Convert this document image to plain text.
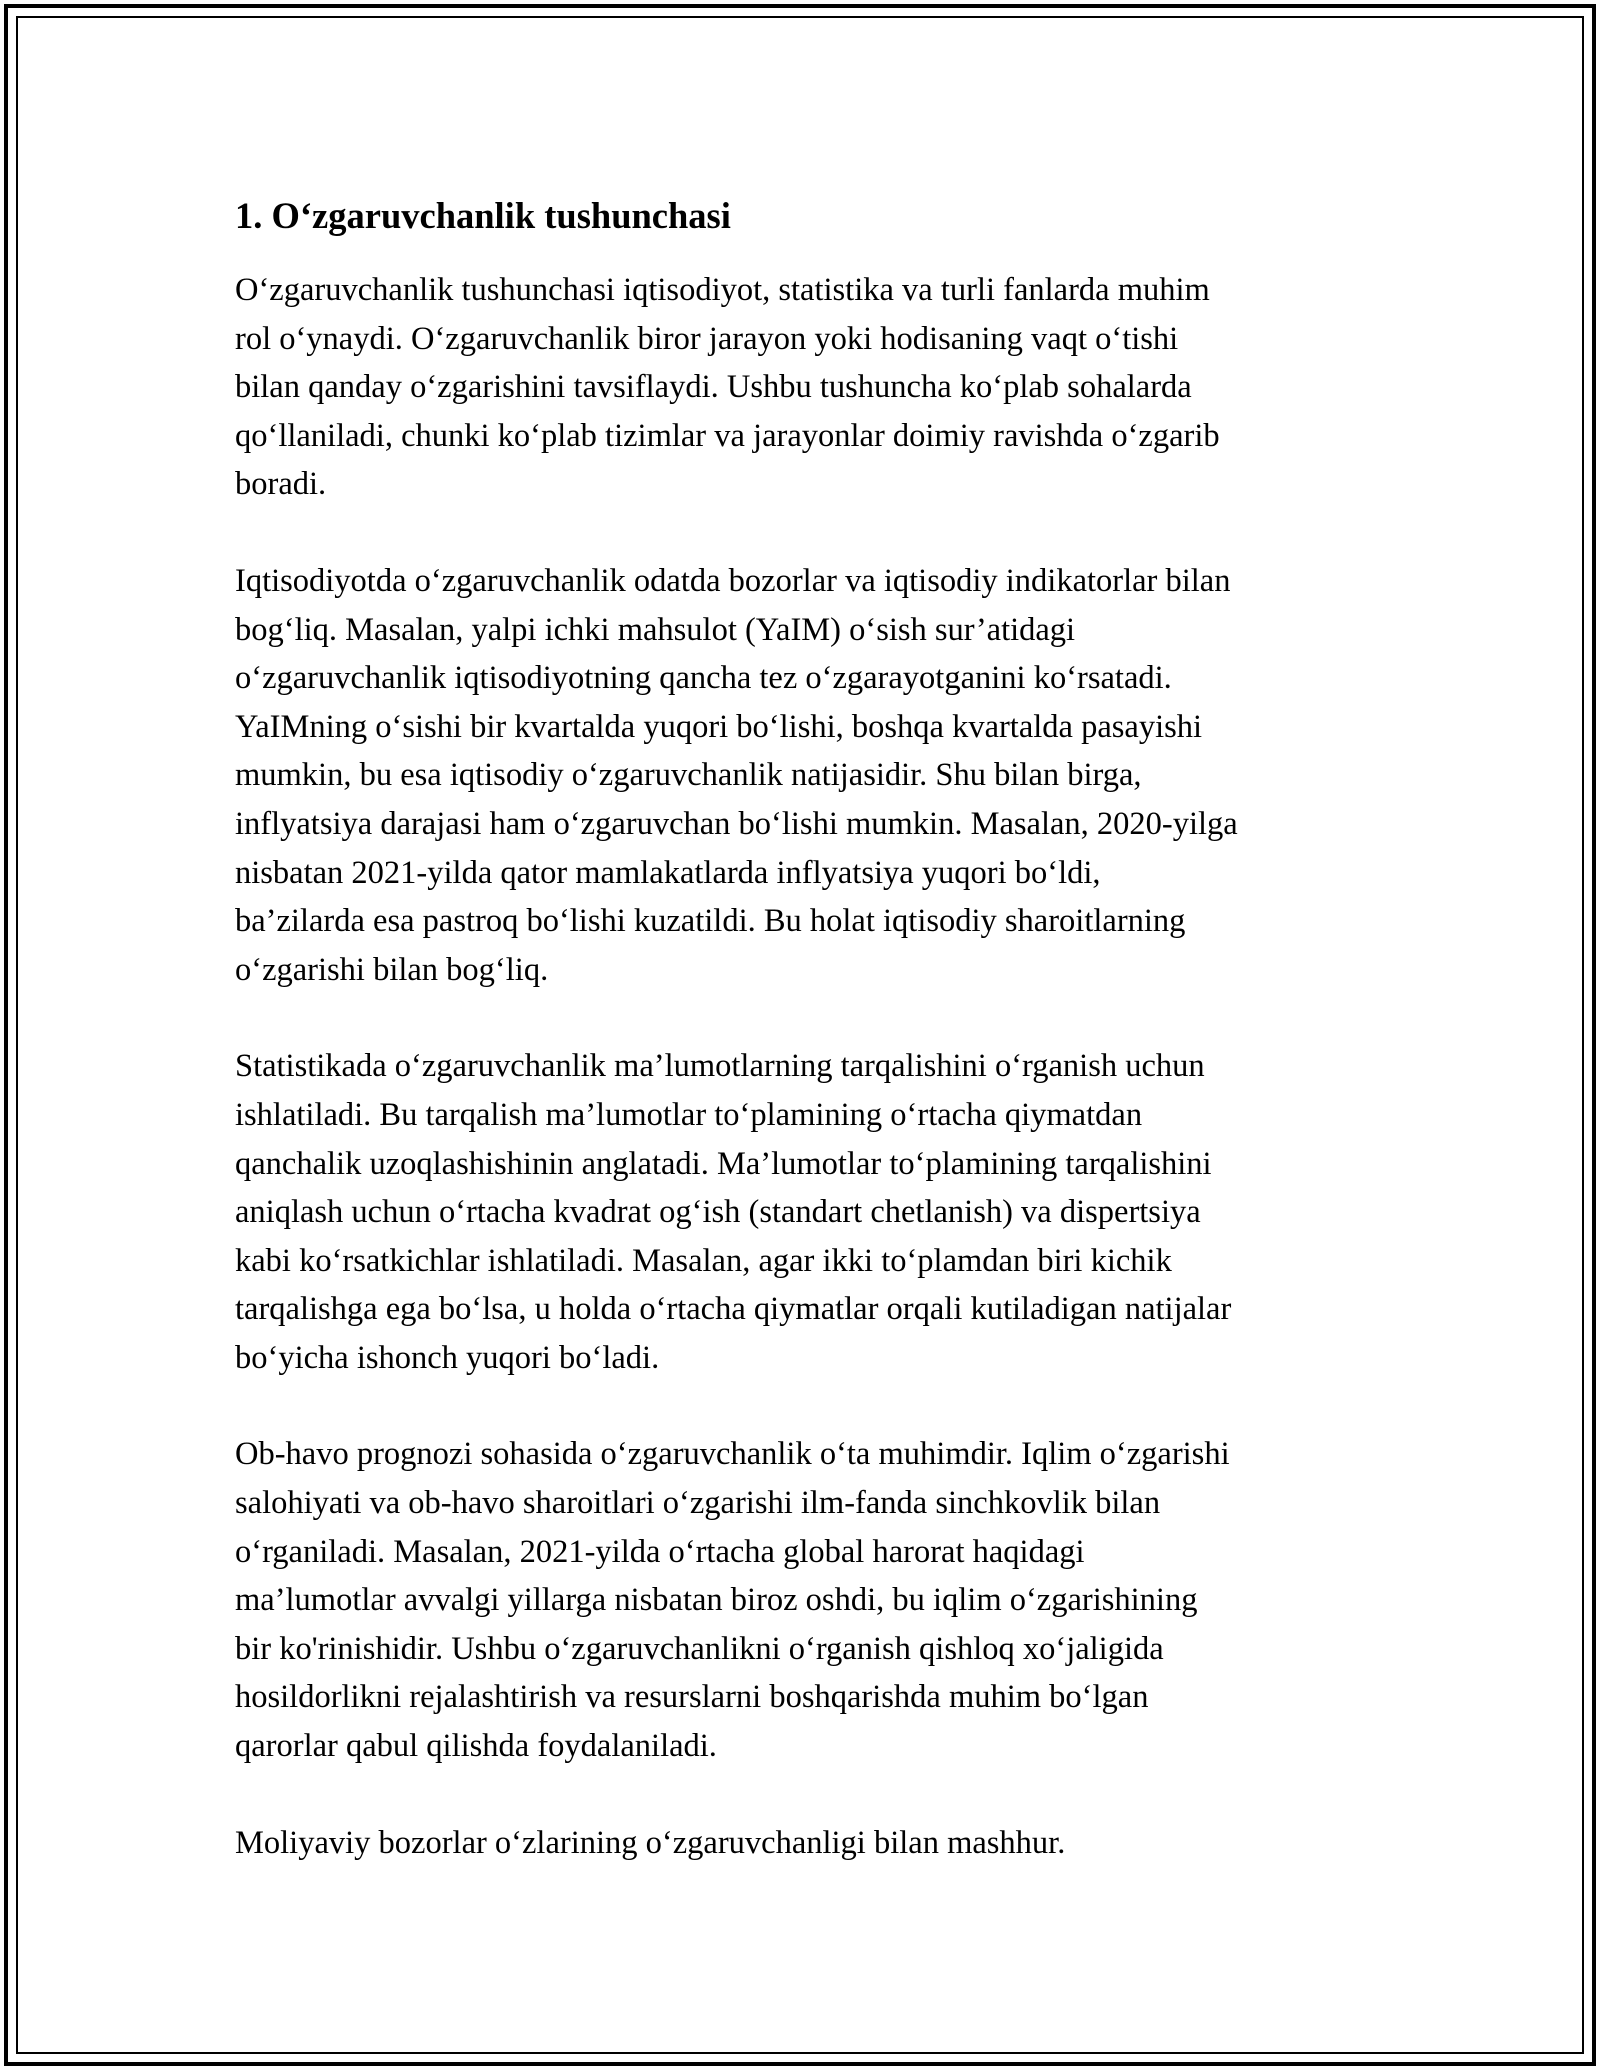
1. O‘zgaruvchanlik tushunchasi

O‘zgaruvchanlik tushunchasi iqtisodiyot, statistika va turli fanlarda muhim
rol o‘ynaydi. O‘zgaruvchanlik biror jarayon yoki hodisaning vaqt o‘tishi
bilan qanday o‘zgarishini tavsiflaydi. Ushbu tushuncha ko‘plab sohalarda
qo‘llaniladi, chunki ko‘plab tizimlar va jarayonlar doimiy ravishda o‘zgarib
boradi.

Iqtisodiyotda o‘zgaruvchanlik odatda bozorlar va iqtisodiy indikatorlar bilan
bog‘liq. Masalan, yalpi ichki mahsulot (YaIM) o‘sish sur’atidagi
o‘zgaruvchanlik iqtisodiyotning qancha tez o‘zgarayotganini ko‘rsatadi.
YaIMning o‘sishi bir kvartalda yuqori bo‘lishi, boshqa kvartalda pasayishi
mumkin, bu esa iqtisodiy o‘zgaruvchanlik natijasidir. Shu bilan birga,
inflyatsiya darajasi ham o‘zgaruvchan bo‘lishi mumkin. Masalan, 2020-yilga
nisbatan 2021-yilda qator mamlakatlarda inflyatsiya yuqori bo‘ldi,
ba’zilarda esa pastroq bo‘lishi kuzatildi. Bu holat iqtisodiy sharoitlarning
o‘zgarishi bilan bog‘liq.

Statistikada o‘zgaruvchanlik ma’lumotlarning tarqalishini o‘rganish uchun
ishlatiladi. Bu tarqalish ma’lumotlar to‘plamining o‘rtacha qiymatdan
qanchalik uzoqlashishinin anglatadi. Ma’lumotlar to‘plamining tarqalishini
aniqlash uchun o‘rtacha kvadrat og‘ish (standart chetlanish) va dispertsiya
kabi ko‘rsatkichlar ishlatiladi. Masalan, agar ikki to‘plamdan biri kichik
tarqalishga ega bo‘lsa, u holda o‘rtacha qiymatlar orqali kutiladigan natijalar
bo‘yicha ishonch yuqori bo‘ladi.

Ob-havo prognozi sohasida o‘zgaruvchanlik o‘ta muhimdir. Iqlim o‘zgarishi
salohiyati va ob-havo sharoitlari o‘zgarishi ilm-fanda sinchkovlik bilan
o‘rganiladi. Masalan, 2021-yilda o‘rtacha global harorat haqidagi
ma’lumotlar avvalgi yillarga nisbatan biroz oshdi, bu iqlim o‘zgarishining
bir ko'rinishidir. Ushbu o‘zgaruvchanlikni o‘rganish qishloq xo‘jaligida
hosildorlikni rejalashtirish va resurslarni boshqarishda muhim bo‘lgan
qarorlar qabul qilishda foydalaniladi.

Moliyaviy bozorlar o‘zlarining o‘zgaruvchanligi bilan mashhur.
